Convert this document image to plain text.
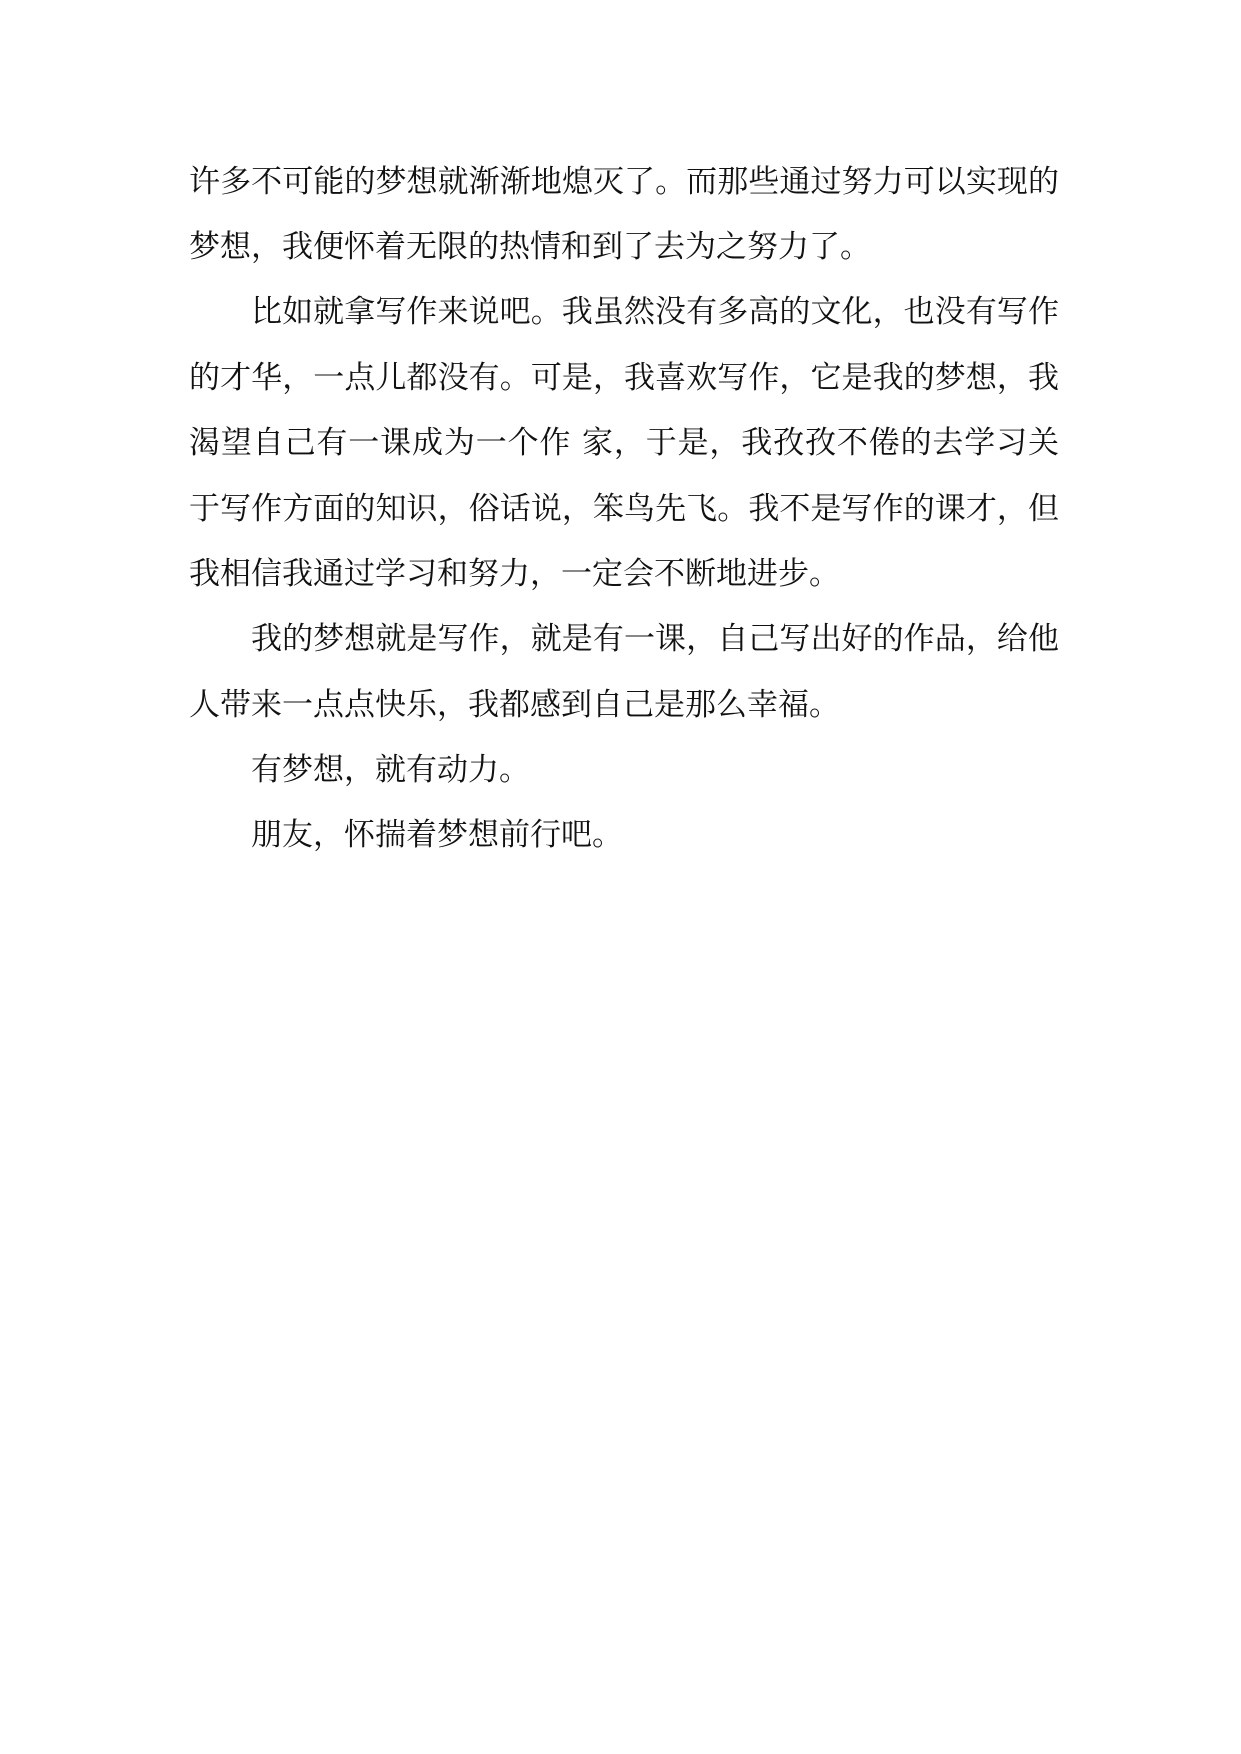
许多不可能的梦想就渐渐地熄灭了。而那些通过努力可以实现的
梦想，我便怀着无限的热情和到了去为之努力了。
比如就拿写作来说吧。我虽然没有多高的文化，也没有写作
的才华，一点儿都没有。可是，我喜欢写作，它是我的梦想，我
渴望自己有一课成为一个作 家，于是，我孜孜不倦的去学习关
于写作方面的知识，俗话说，笨鸟先飞。我不是写作的课才，但
我相信我通过学习和努力，一定会不断地进步。
我的梦想就是写作，就是有一课，自己写出好的作品，给他
人带来一点点快乐，我都感到自己是那么幸福。
有梦想，就有动力。
朋友，怀揣着梦想前行吧。
